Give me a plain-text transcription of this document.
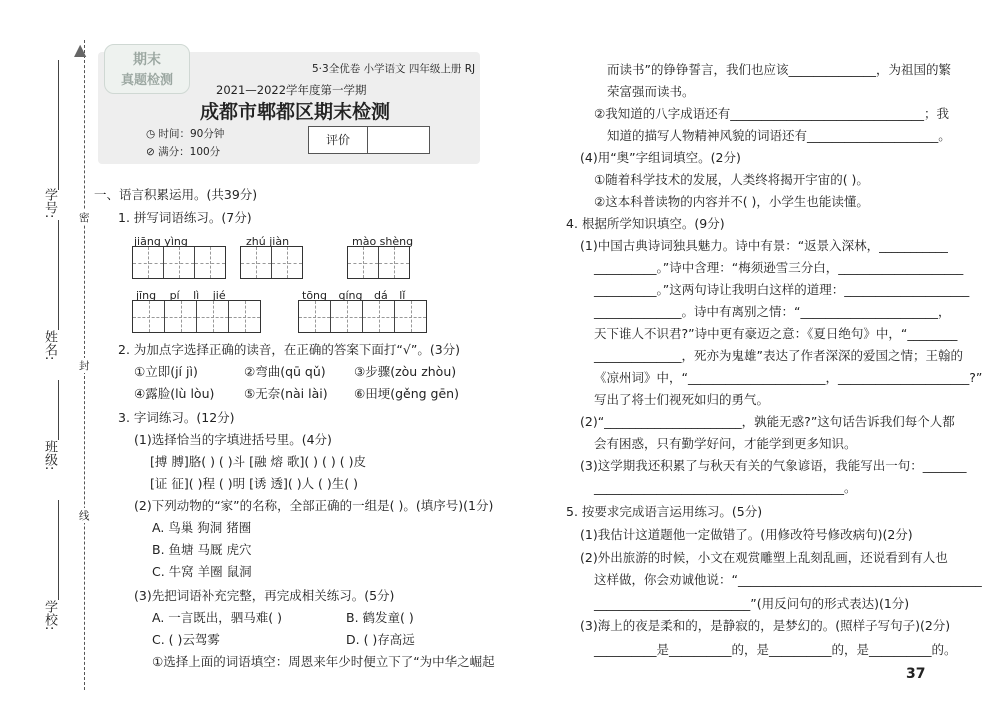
学号:
姓名:
班级:
学校:
密
封
线
▲
期末
真题检测
5·3全优卷 小学语文 四年级上册 RJ
2021—2022学年度第一学期
成都市郫都区期末检测
◷ 时间：90分钟
⊘ 满分：100分
评价
一、语言积累运用。(共39分)
1. 拼写词语练习。(7分)
jiāng yìng	zhú jiàn	mào shèng
jīng pí lì jié	tōng qíng dá lǐ
2. 为加点字选择正确的读音，在正确的答案下面打“√”。(3分)
①立即(jí jì)	②弯曲(qū qǔ) ③步骤(zòu zhòu)
④露脸(lù lòu) ⑤无奈(nài lài) ⑥田埂(gěng gēn)
3. 字词练习。(12分)
(1)选择恰当的字填进括号里。(4分)
[搏 膊]胳( ) ( )斗 [融 熔 歌]( ) ( ) ( )皮
[证 征]( )程 ( )明 [诱 透]( )人 ( )生( )
(2)下列动物的“家”的名称，全部正确的一组是( )。(填序号)(1分)
A. 鸟巢 狗洞 猪圈
B. 鱼塘 马厩 虎穴
C. 牛窝 羊圈 鼠洞
(3)先把词语补充完整，再完成相关练习。(5分)
A. 一言既出，驷马难( )	B. 鹤发童( )
C. ( )云驾雾	D. ( )存高远
①选择上面的词语填空：周恩来年少时便立下了“为中华之崛起
而读书”的铮铮誓言，我们也应该______________，为祖国的繁
荣富强而读书。
②我知道的八字成语还有_______________________________；我
知道的描写人物精神风貌的词语还有_____________________。
(4)用“奥”字组词填空。(2分)
①随着科学技术的发展，人类终将揭开宇宙的( )。
②这本科普读物的内容并不( )，小学生也能读懂。
4. 根据所学知识填空。(9分)
(1)中国古典诗词独具魅力。诗中有景：“返景入深林，___________
__________。”诗中含理：“梅须逊雪三分白，____________________
__________。”这两句诗让我明白这样的道理：____________________
______________。诗中有离别之情：“______________________，
天下谁人不识君?”诗中更有豪迈之意：《夏日绝句》中，“________
______________，死亦为鬼雄”表达了作者深深的爱国之情；王翰的
《凉州词》中，“______________________，_____________________?”
写出了将士们视死如归的勇气。
(2)“______________________，孰能无惑?”这句话告诉我们每个人都
会有困惑，只有勤学好问，才能学到更多知识。
(3)这学期我还积累了与秋天有关的气象谚语，我能写出一句：_______
________________________________________。
5. 按要求完成语言运用练习。(5分)
(1)我估计这道题他一定做错了。(用修改符号修改病句)(2分)
(2)外出旅游的时候，小文在观赏雕塑上乱刻乱画，还说看到有人也
这样做，你会劝诚他说：“_______________________________________
_________________________”(用反问句的形式表达)(1分)
(3)海上的夜是柔和的，是静寂的，是梦幻的。(照样子写句子)(2分)
__________是__________的，是__________的，是__________的。
37
